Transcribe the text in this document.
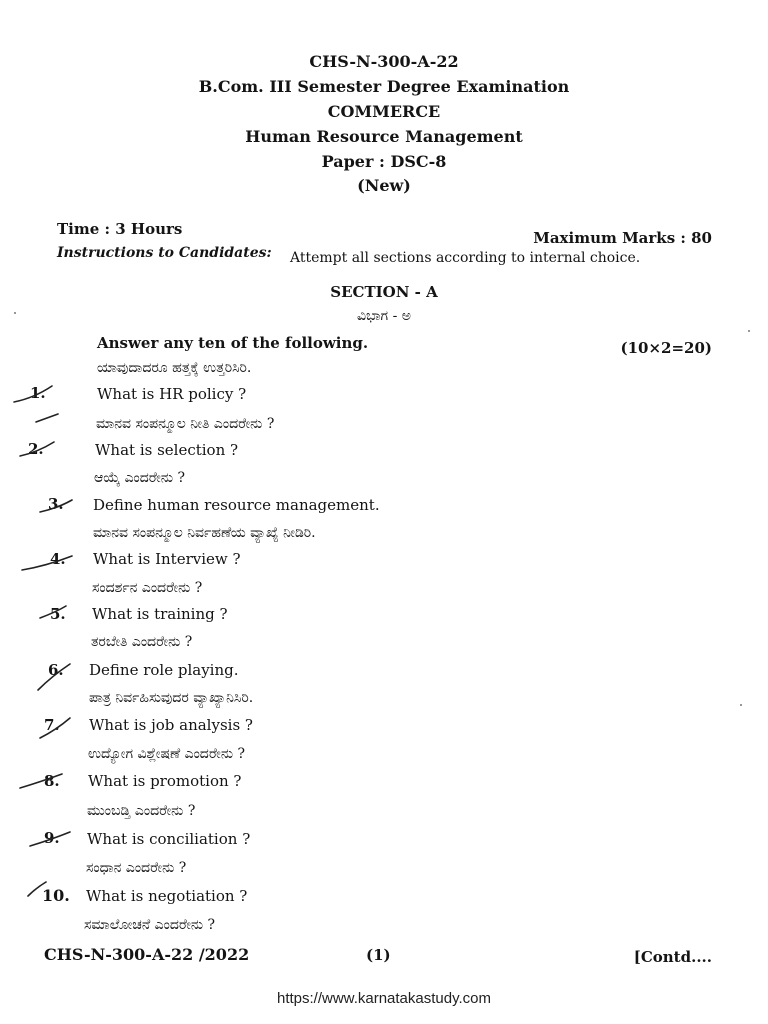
CHS-N-300-A-22
B.Com. III Semester Degree Examination
COMMERCE
Human Resource Management
Paper : DSC-8
(New)
Time : 3 Hours	Maximum Marks : 80
Instructions to Candidates: Attempt all sections according to internal choice.
SECTION - A
ವಿಭಾಗ - ಅ
Answer any ten of the following.	(10×2=20)
ಯಾವುದಾದರೂ ಹತ್ತಕ್ಕೆ ಉತ್ತರಿಸಿರಿ.
1.	What is HR policy ?
ಮಾನವ ಸಂಪನ್ಮೂಲ ನೀತಿ ಎಂದರೇನು ?
2.	What is selection ?
ಆಯ್ಕೆ ಎಂದರೇನು ?
3. Define human resource management.
ಮಾನವ ಸಂಪನ್ಮೂಲ ನಿರ್ವಹಣೆಯ ವ್ಯಾಖ್ಯೆ ನೀಡಿರಿ.
4. What is Interview ?
ಸಂದರ್ಶನ ಎಂದರೇನು ?
5. What is training ?
ತರಬೇತಿ ಎಂದರೇನು ?
6. Define role playing.
ಪಾತ್ರ ನಿರ್ವಹಿಸುವುದರ ವ್ಯಾಖ್ಯಾನಿಸಿರಿ.
7. What is job analysis ?
ಉದ್ಯೋಗ ವಿಶ್ಲೇಷಣೆ ಎಂದರೇನು ?
8. What is promotion ?
ಮುಂಬಡ್ತಿ ಎಂದರೇನು ?
9. What is conciliation ?
ಸಂಧಾನ ಎಂದರೇನು ?
10. What is negotiation ?
ಸಮಾಲೋಚನೆ ಎಂದರೇನು ?
CHS-N-300-A-22 /2022	(1)	[Contd....
https://www.karnatakastudy.com
